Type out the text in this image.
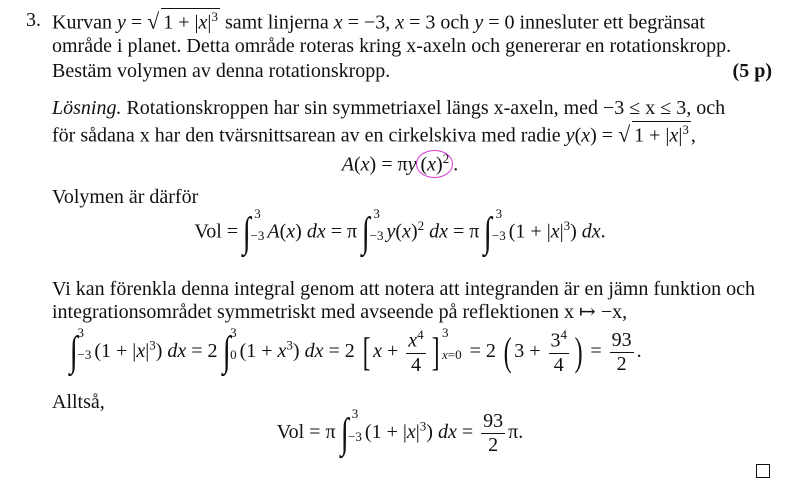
3. Kurvan y = √ $1 + |x|^3$ samt linjerna x = −3, x = 3 och y = 0 innesluter ett begränsat
område i planet. Detta område roteras kring x-axeln och genererar en rotationskropp.
Bestäm volymen av denna rotationskropp.	(5 p)
Lösning. Rotationskroppen har sin symmetriaxel längs x-axeln, med −3 ≤ x ≤ 3, och
för sådana x har den tvärsnittsarean av en cirkelskiva med radie y(x) = √ $1 + |x|^3$ ,
A(x) = πy $(x)^2$ .
Volymen är därför
Vol = ∫ 3
−3 A(x) dx = π ∫ 3
−3 $y(x)^2$ dx = π ∫ 3
−3 $(1 + |x|^3)$ dx.
Vi kan förenkla denna integral genom att notera att integranden är en jämn funktion och
integrationsområdet symmetriskt med avseende på reflektionen x ↦ −x,
∫ 3
−3 $(1 + |x|^3)$ dx = 2 ∫ 3
0 $(1 + x^3)$ dx = 2 [ $x + \frac{x^4}{4}$ ] 3
x=0 = 2 ( $3 + \frac{3^4}{4}$ ) = $\frac{93}{2}$ .
Alltså,
Vol = π ∫ 3
−3 $(1 + |x|^3)$ dx = $\frac{93}{2} \pi$.
